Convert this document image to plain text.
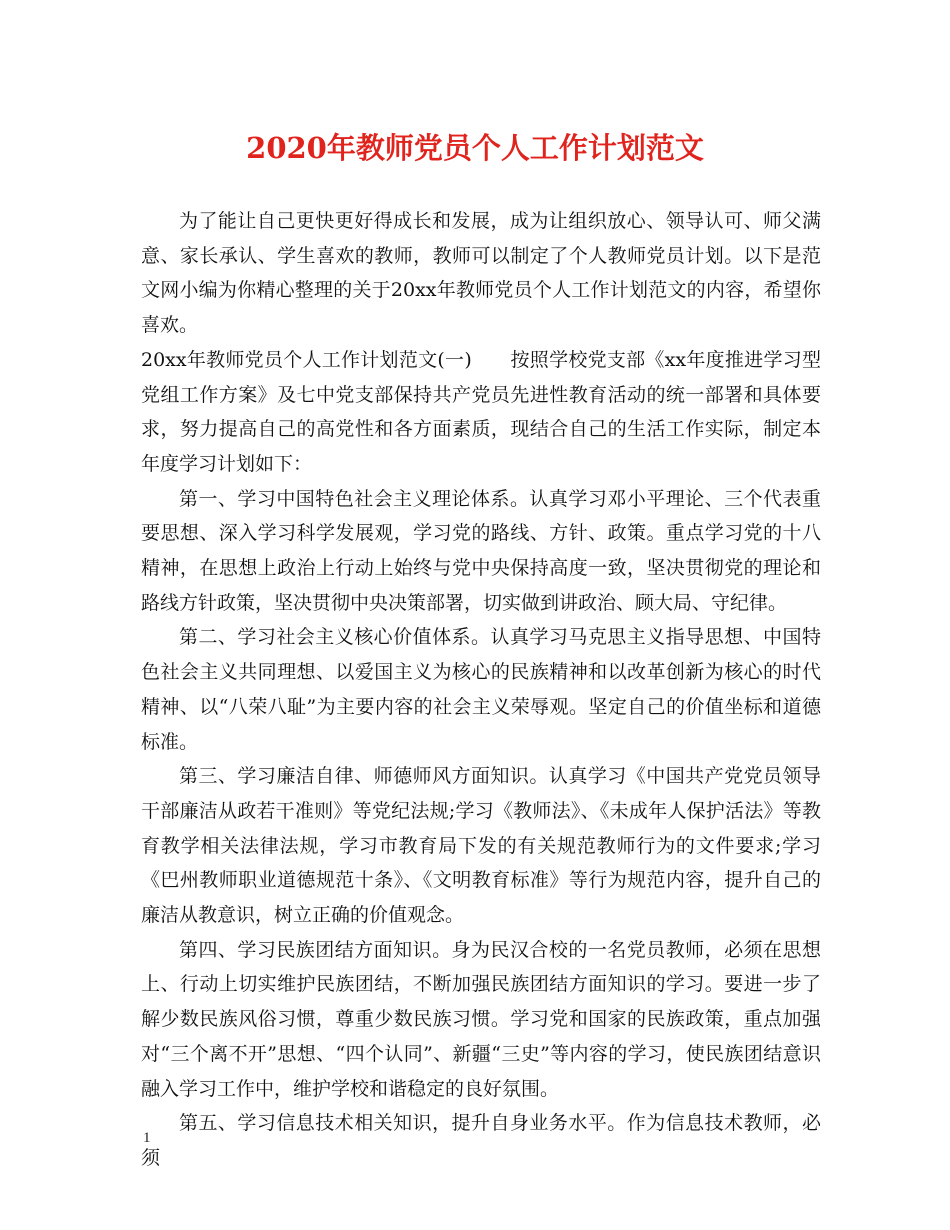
2020年教师党员个人工作计划范文

为了能让自己更快更好得成长和发展，成为让组织放心、领导认可、师父满意、家长承认、学生喜欢的教师，教师可以制定了个人教师党员计划。以下是范文网小编为你精心整理的关于20xx年教师党员个人工作计划范文的内容，希望你喜欢。

20xx年教师党员个人工作计划范文(一)　　按照学校党支部《xx年度推进学习型党组工作方案》及七中党支部保持共产党员先进性教育活动的统一部署和具体要求，努力提高自己的高党性和各方面素质，现结合自己的生活工作实际，制定本年度学习计划如下：

第一、学习中国特色社会主义理论体系。认真学习邓小平理论、三个代表重要思想、深入学习科学发展观，学习党的路线、方针、政策。重点学习党的十八精神，在思想上政治上行动上始终与党中央保持高度一致，坚决贯彻党的理论和路线方针政策，坚决贯彻中央决策部署，切实做到讲政治、顾大局、守纪律。

第二、学习社会主义核心价值体系。认真学习马克思主义指导思想、中国特色社会主义共同理想、以爱国主义为核心的民族精神和以改革创新为核心的时代精神、以“八荣八耻”为主要内容的社会主义荣辱观。坚定自己的价值坐标和道德标准。

第三、学习廉洁自律、师德师风方面知识。认真学习《中国共产党党员领导干部廉洁从政若干准则》等党纪法规;学习《教师法》、《未成年人保护活法》等教育教学相关法律法规，学习市教育局下发的有关规范教师行为的文件要求;学习《巴州教师职业道德规范十条》、《文明教育标准》等行为规范内容，提升自己的廉洁从教意识，树立正确的价值观念。

第四、学习民族团结方面知识。身为民汉合校的一名党员教师，必须在思想上、行动上切实维护民族团结，不断加强民族团结方面知识的学习。要进一步了解少数民族风俗习惯，尊重少数民族习惯。学习党和国家的民族政策，重点加强对“三个离不开”思想、“四个认同”、新疆“三史”等内容的学习，使民族团结意识融入学习工作中，维护学校和谐稳定的良好氛围。

第五、学习信息技术相关知识，提升自身业务水平。作为信息技术教师，必须

1
